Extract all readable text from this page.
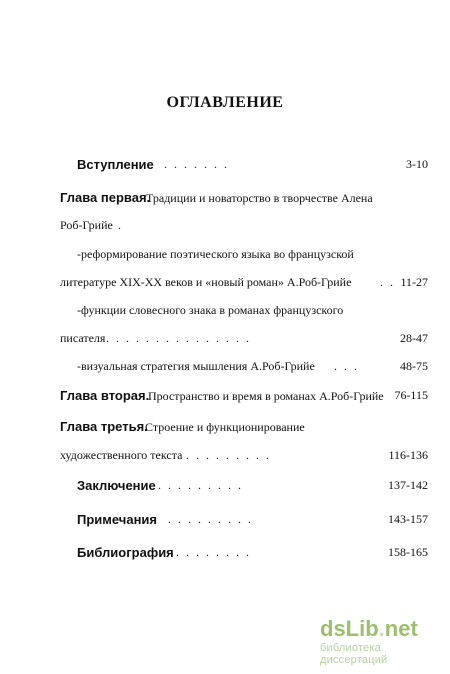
ОГЛАВЛЕНИЕ
Вступление .......	3-10
Глава первая.
Традиции и новаторство в творчестве Алена
Роб-Грийе .
-реформирование поэтического языка во французской
литературе XIX-XX веков и «новый роман» А.Роб-Грийе .. 11-27
-функции словесного знака в романах французского
писателя ...............	28-47
-визуальная стратегия мышления А.Роб-Грийе ...	48-75
Глава вторая.
Пространство и время в романах А.Роб-Грийе 76-115
Глава третья.
Строение и функционирование
художественного текста .........	116-136
Заключение .........	137-142
Примечания .........	143-157
Библиография ........	158-165
dsLib.net
библиотека диссертаций
